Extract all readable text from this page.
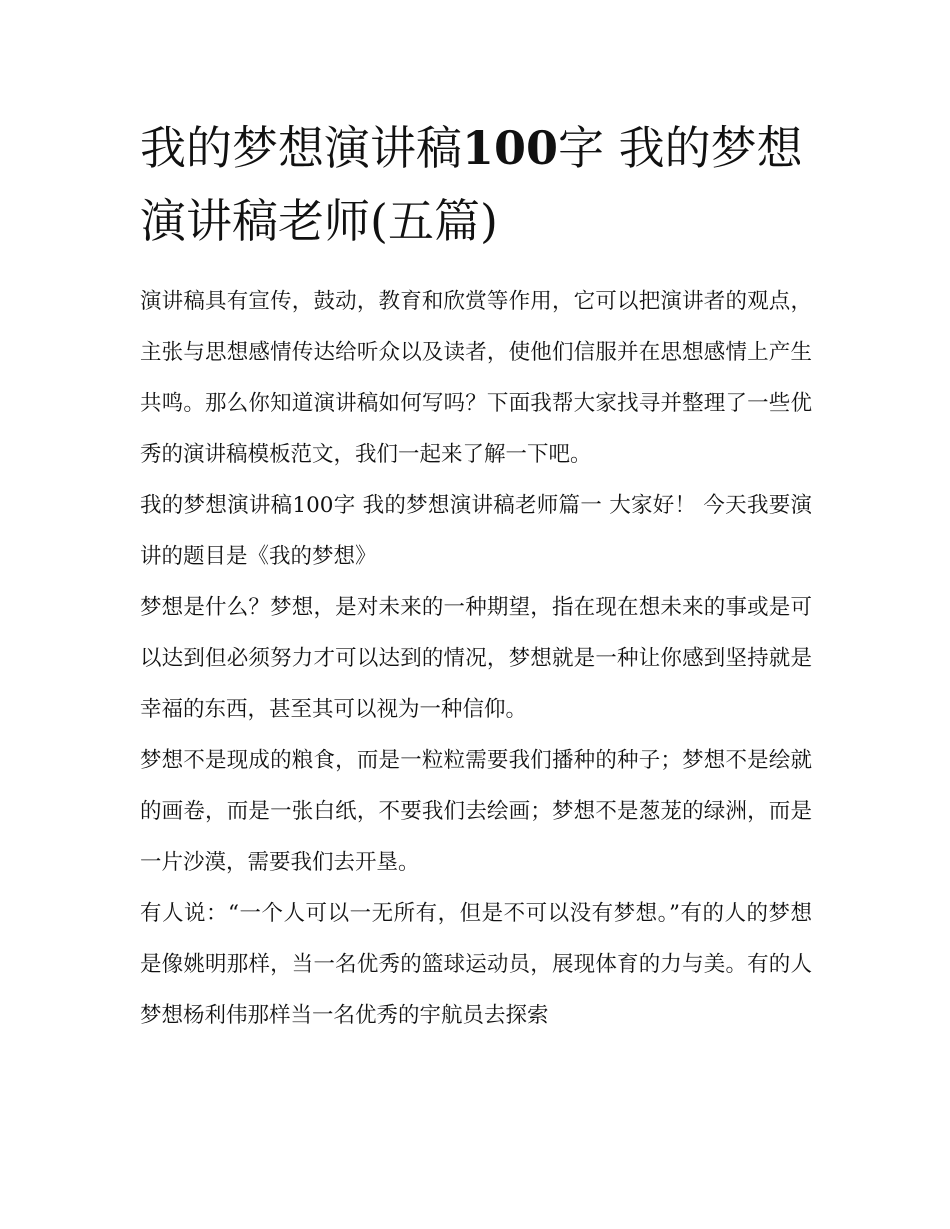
我的梦想演讲稿100字 我的梦想演讲稿老师(五篇)

演讲稿具有宣传，鼓动，教育和欣赏等作用，它可以把演讲者的观点，主张与思想感情传达给听众以及读者，使他们信服并在思想感情上产生共鸣。那么你知道演讲稿如何写吗？下面我帮大家找寻并整理了一些优秀的演讲稿模板范文，我们一起来了解一下吧。

我的梦想演讲稿100字 我的梦想演讲稿老师篇一 大家好！ 今天我要演讲的题目是《我的梦想》

梦想是什么？梦想，是对未来的一种期望，指在现在想未来的事或是可以达到但必须努力才可以达到的情况，梦想就是一种让你感到坚持就是幸福的东西，甚至其可以视为一种信仰。

梦想不是现成的粮食，而是一粒粒需要我们播种的种子；梦想不是绘就的画卷，而是一张白纸，不要我们去绘画；梦想不是葱茏的绿洲，而是一片沙漠，需要我们去开垦。

有人说：“一个人可以一无所有，但是不可以没有梦想。”有的人的梦想是像姚明那样，当一名优秀的篮球运动员，展现体育的力与美。有的人梦想杨利伟那样当一名优秀的宇航员去探索
